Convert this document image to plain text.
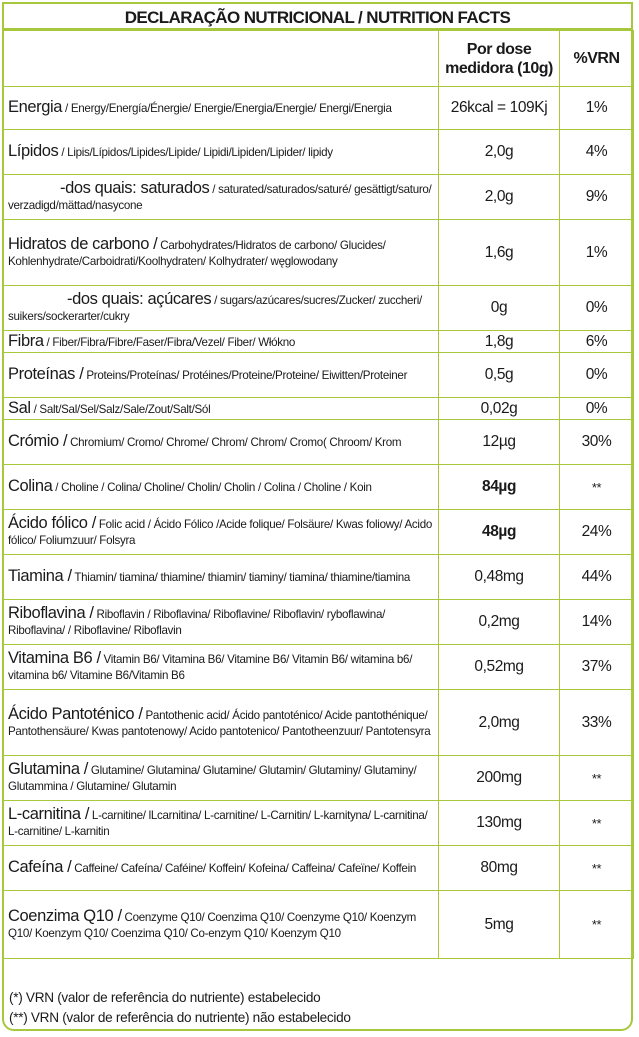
DECLARAÇÃO NUTRICIONAL / NUTRITION FACTS
	Por dose medidora (10g)	%VRN
Energia / Energy/Energía/Énergie/ Energie/Energia/Energie/ Energi/Energia	26kcal = 109Kj	1%
Lípidos / Lipis/Lípidos/Lipides/Lipide/ Lipidi/Lipiden/Lipider/ lipidy	2,0g	4%
-dos quais: saturados / saturated/saturados/saturé/ gesättigt/saturo/ verzadigd/mättad/nasycone	2,0g	9%
Hidratos de carbono / Carbohydrates/Hidratos de carbono/ Glucides/ Kohlenhydrate/Carboidrati/Koolhydraten/ Kolhydrater/ węglowodany	1,6g	1%
-dos quais: açúcares / sugars/azúcares/sucres/Zucker/ zuccheri/ suikers/sockerarter/cukry	0g	0%
Fibra / Fiber/Fibra/Fibre/Faser/Fibra/Vezel/ Fiber/ Włókno	1,8g	6%
Proteínas / Proteins/Proteínas/ Protéines/Proteine/Proteine/ Eiwitten/Proteiner	0,5g	0%
Sal / Salt/Sal/Sel/Salz/Sale/Zout/Salt/Sól	0,02g	0%
Crómio / Chromium/ Cromo/ Chrome/ Chrom/ Chrom/ Cromo( Chroom/ Krom	12µg	30%
Colina / Choline / Colina/ Choline/ Cholin/ Cholin / Colina / Choline / Koin	84µg	**
Ácido fólico / Folic acid / Ácido Fólico /Acide folique/ Folsäure/ Kwas foliowy/ Acido fólico/ Foliumzuur/ Folsyra	48µg	24%
Tiamina / Thiamin/ tiamina/ thiamine/ thiamin/ tiaminy/ tiamina/ thiamine/tiamina	0,48mg	44%
Riboflavina / Riboflavin / Riboflavina/ Riboflavine/ Riboflavin/ ryboflawina/ Riboflavina/ / Riboflavine/ Riboflavin	0,2mg	14%
Vitamina B6 / Vitamin B6/ Vitamina B6/ Vitamine B6/ Vitamin B6/ witamina b6/ vitamina b6/ Vitamine B6/Vitamin B6	0,52mg	37%
Ácido Pantoténico / Pantothenic acid/ Ácido pantoténico/ Acide pantothénique/ Pantothensäure/ Kwas pantotenowy/ Acido pantotenico/ Pantotheenzuur/ Pantotensyra	2,0mg	33%
Glutamina / Glutamine/ Glutamina/ Glutamine/ Glutamin/ Glutaminy/ Glutaminy/ Glutammina / Glutamine/ Glutamin	200mg	**
L-carnitina / L-carnitine/ lLcarnitina/ L-carnitine/ L-Carnitin/ L-karnityna/ L-carnitina/ L-carnitine/ L-karnitin	130mg	**
Cafeína / Caffeine/ Cafeína/ Caféine/ Koffein/ Kofeina/ Caffeina/ Cafeïne/ Koffein	80mg	**
Coenzima Q10 / Coenzyme Q10/ Coenzima Q10/ Coenzyme Q10/ Koenzym Q10/ Koenzym Q10/ Coenzima Q10/ Co-enzym Q10/ Koenzym Q10	5mg	**
(*) VRN (valor de referência do nutriente) estabelecido
(**) VRN (valor de referência do nutriente) não estabelecido
